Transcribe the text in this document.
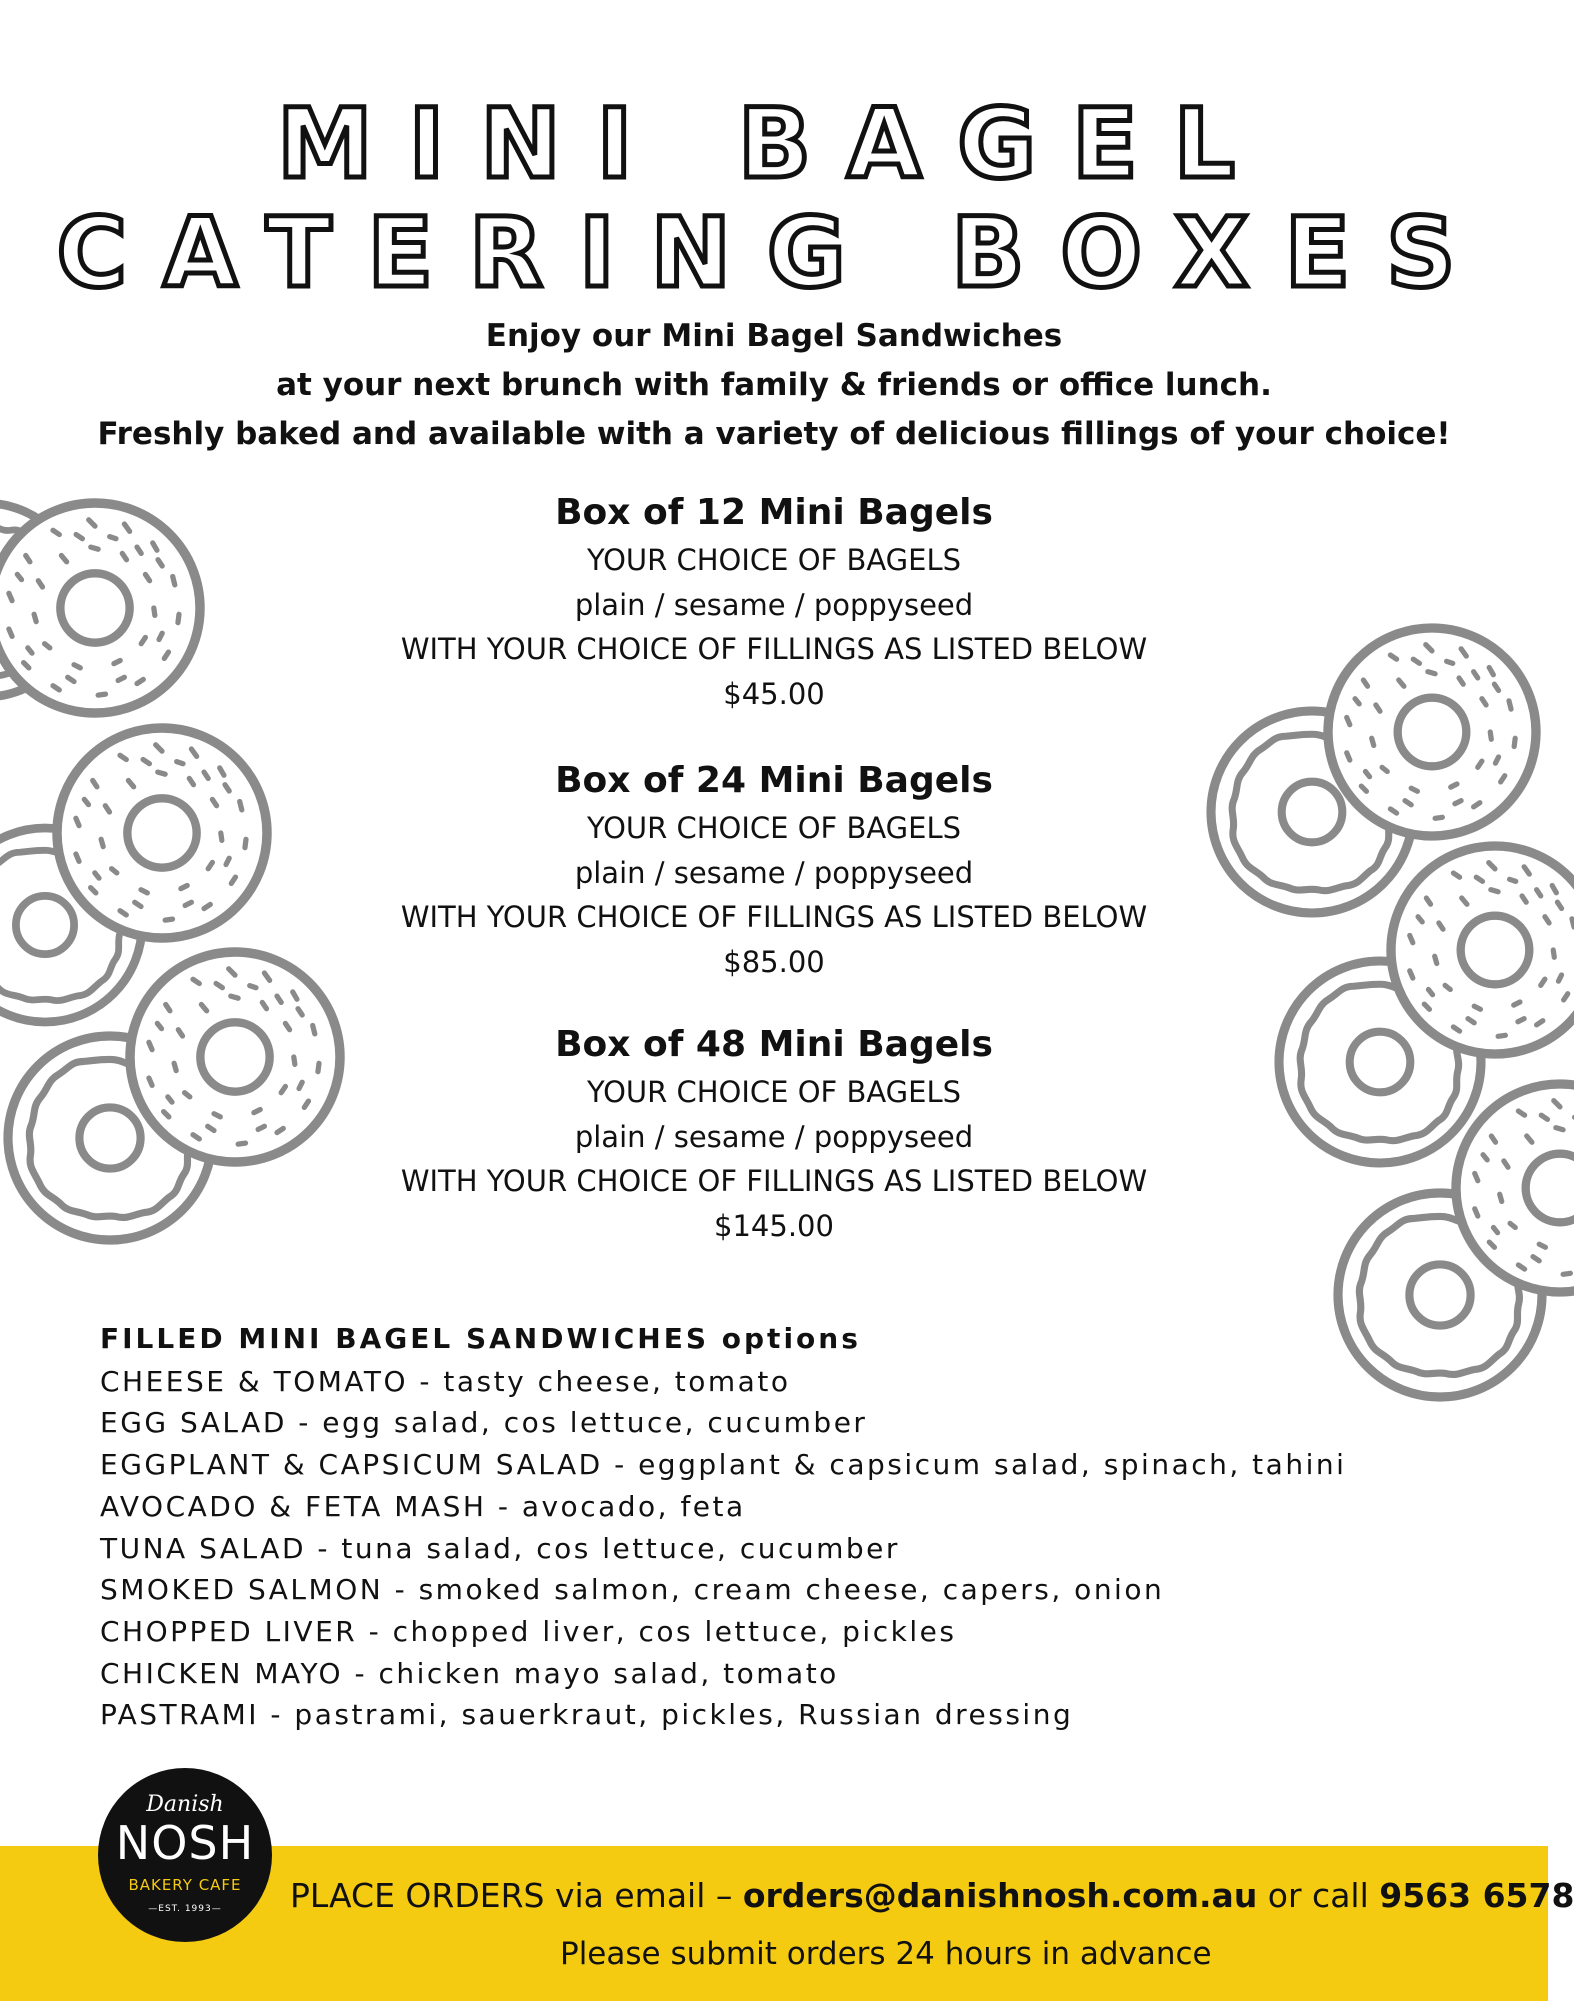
MINI BAGEL
CATERING BOXES
Enjoy our Mini Bagel Sandwiches
at your next brunch with family & friends or office lunch.
Freshly baked and available with a variety of delicious fillings of your choice!
Box of 12 Mini Bagels
YOUR CHOICE OF BAGELS
plain / sesame / poppyseed
WITH YOUR CHOICE OF FILLINGS AS LISTED BELOW
$45.00
Box of 24 Mini Bagels
YOUR CHOICE OF BAGELS
plain / sesame / poppyseed
WITH YOUR CHOICE OF FILLINGS AS LISTED BELOW
$85.00
Box of 48 Mini Bagels
YOUR CHOICE OF BAGELS
plain / sesame / poppyseed
WITH YOUR CHOICE OF FILLINGS AS LISTED BELOW
$145.00
FILLED MINI BAGEL SANDWICHES options
CHEESE & TOMATO - tasty cheese, tomato
EGG SALAD - egg salad, cos lettuce, cucumber
EGGPLANT & CAPSICUM SALAD - eggplant & capsicum salad, spinach, tahini
AVOCADO & FETA MASH - avocado, feta
TUNA SALAD - tuna salad, cos lettuce, cucumber
SMOKED SALMON - smoked salmon, cream cheese, capers, onion
CHOPPED LIVER - chopped liver, cos lettuce, pickles
CHICKEN MAYO - chicken mayo salad, tomato
PASTRAMI - pastrami, sauerkraut, pickles, Russian dressing
PLACE ORDERS via email – orders@danishnosh.com.au or call 9563 6578
Please submit orders 24 hours in advance
Danish
NOSH
BAKERY CAFE
—EST. 1993—
